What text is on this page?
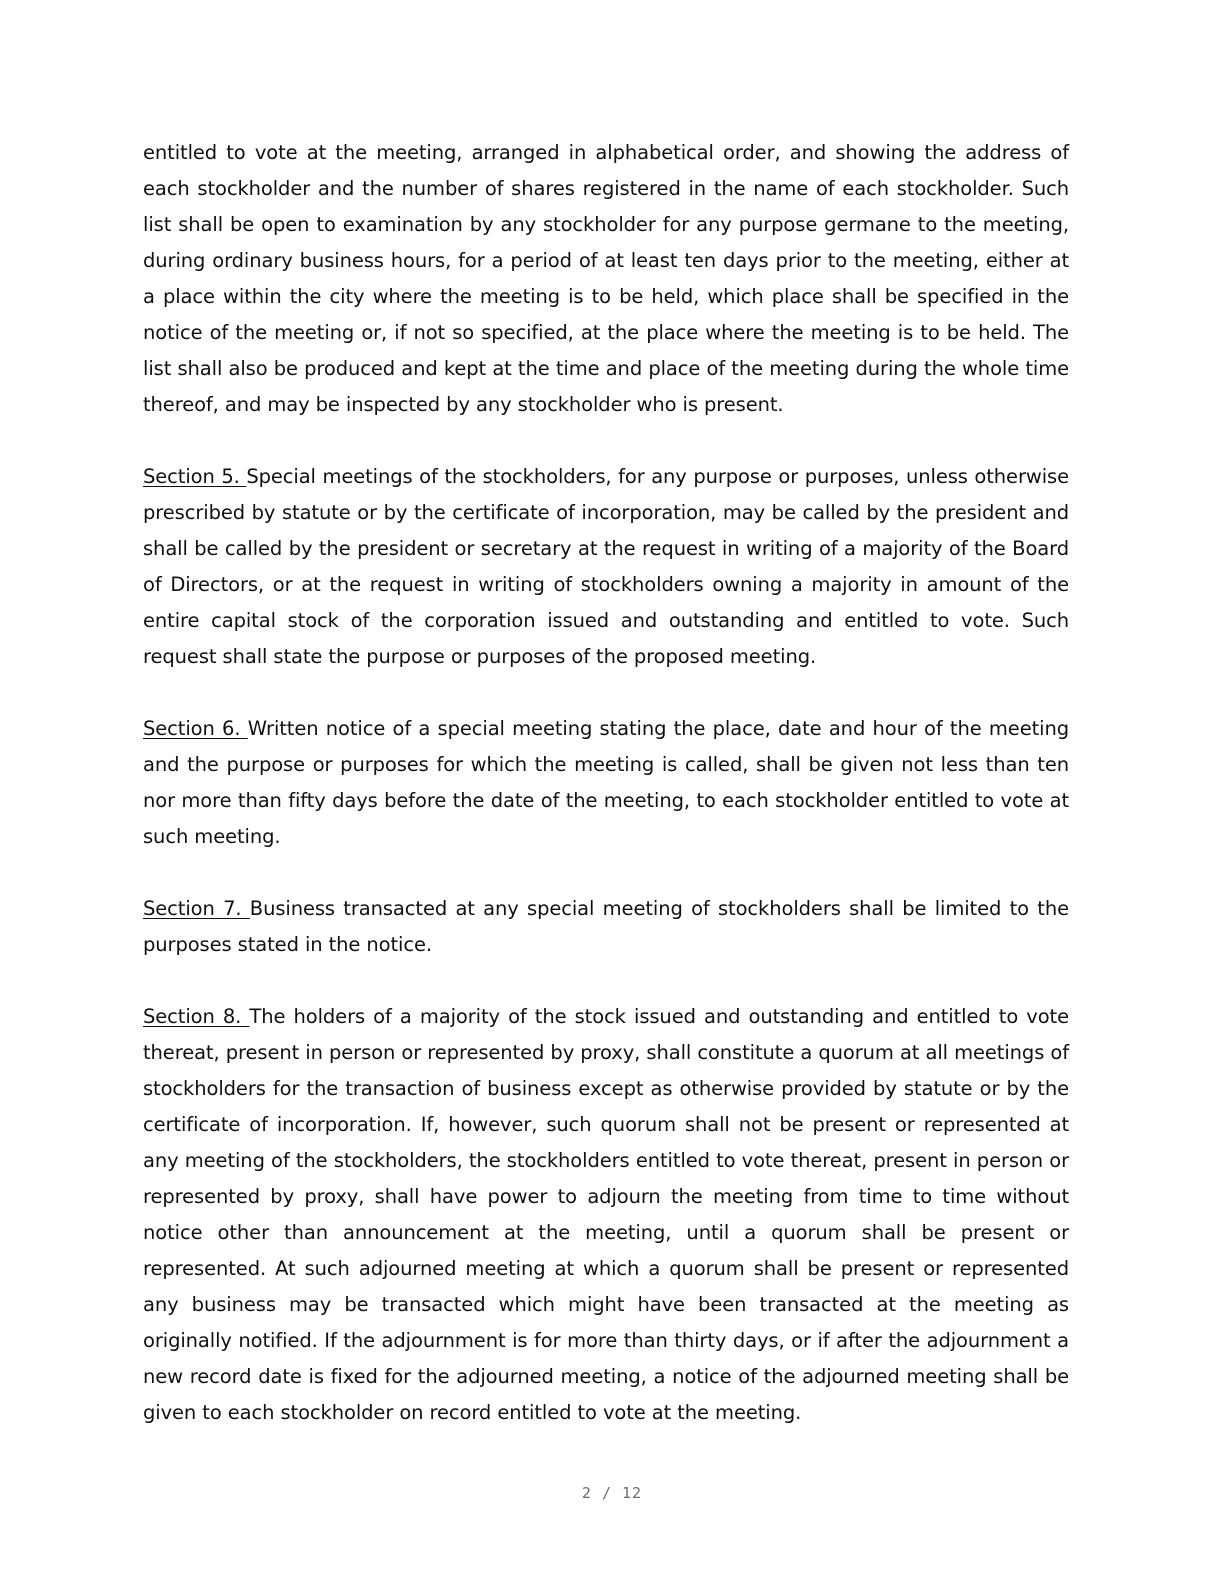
entitled to vote at the meeting, arranged in alphabetical order, and showing the address of each stockholder and the number of shares registered in the name of each stockholder. Such list shall be open to examination by any stockholder for any purpose germane to the meeting, during ordinary business hours, for a period of at least ten days prior to the meeting, either at a place within the city where the meeting is to be held, which place shall be specified in the notice of the meeting or, if not so specified, at the place where the meeting is to be held. The list shall also be produced and kept at the time and place of the meeting during the whole time thereof, and may be inspected by any stockholder who is present.

Section 5. Special meetings of the stockholders, for any purpose or purposes, unless otherwise prescribed by statute or by the certificate of incorporation, may be called by the president and shall be called by the president or secretary at the request in writing of a majority of the Board of Directors, or at the request in writing of stockholders owning a majority in amount of the entire capital stock of the corporation issued and outstanding and entitled to vote. Such request shall state the purpose or purposes of the proposed meeting.

Section 6. Written notice of a special meeting stating the place, date and hour of the meeting and the purpose or purposes for which the meeting is called, shall be given not less than ten nor more than fifty days before the date of the meeting, to each stockholder entitled to vote at such meeting.

Section 7. Business transacted at any special meeting of stockholders shall be limited to the purposes stated in the notice.

Section 8. The holders of a majority of the stock issued and outstanding and entitled to vote thereat, present in person or represented by proxy, shall constitute a quorum at all meetings of stockholders for the transaction of business except as otherwise provided by statute or by the certificate of incorporation. If, however, such quorum shall not be present or represented at any meeting of the stockholders, the stockholders entitled to vote thereat, present in person or represented by proxy, shall have power to adjourn the meeting from time to time without notice other than announcement at the meeting, until a quorum shall be present or represented. At such adjourned meeting at which a quorum shall be present or represented any business may be transacted which might have been transacted at the meeting as originally notified. If the adjournment is for more than thirty days, or if after the adjournment a new record date is fixed for the adjourned meeting, a notice of the adjourned meeting shall be given to each stockholder on record entitled to vote at the meeting.

2 / 12
